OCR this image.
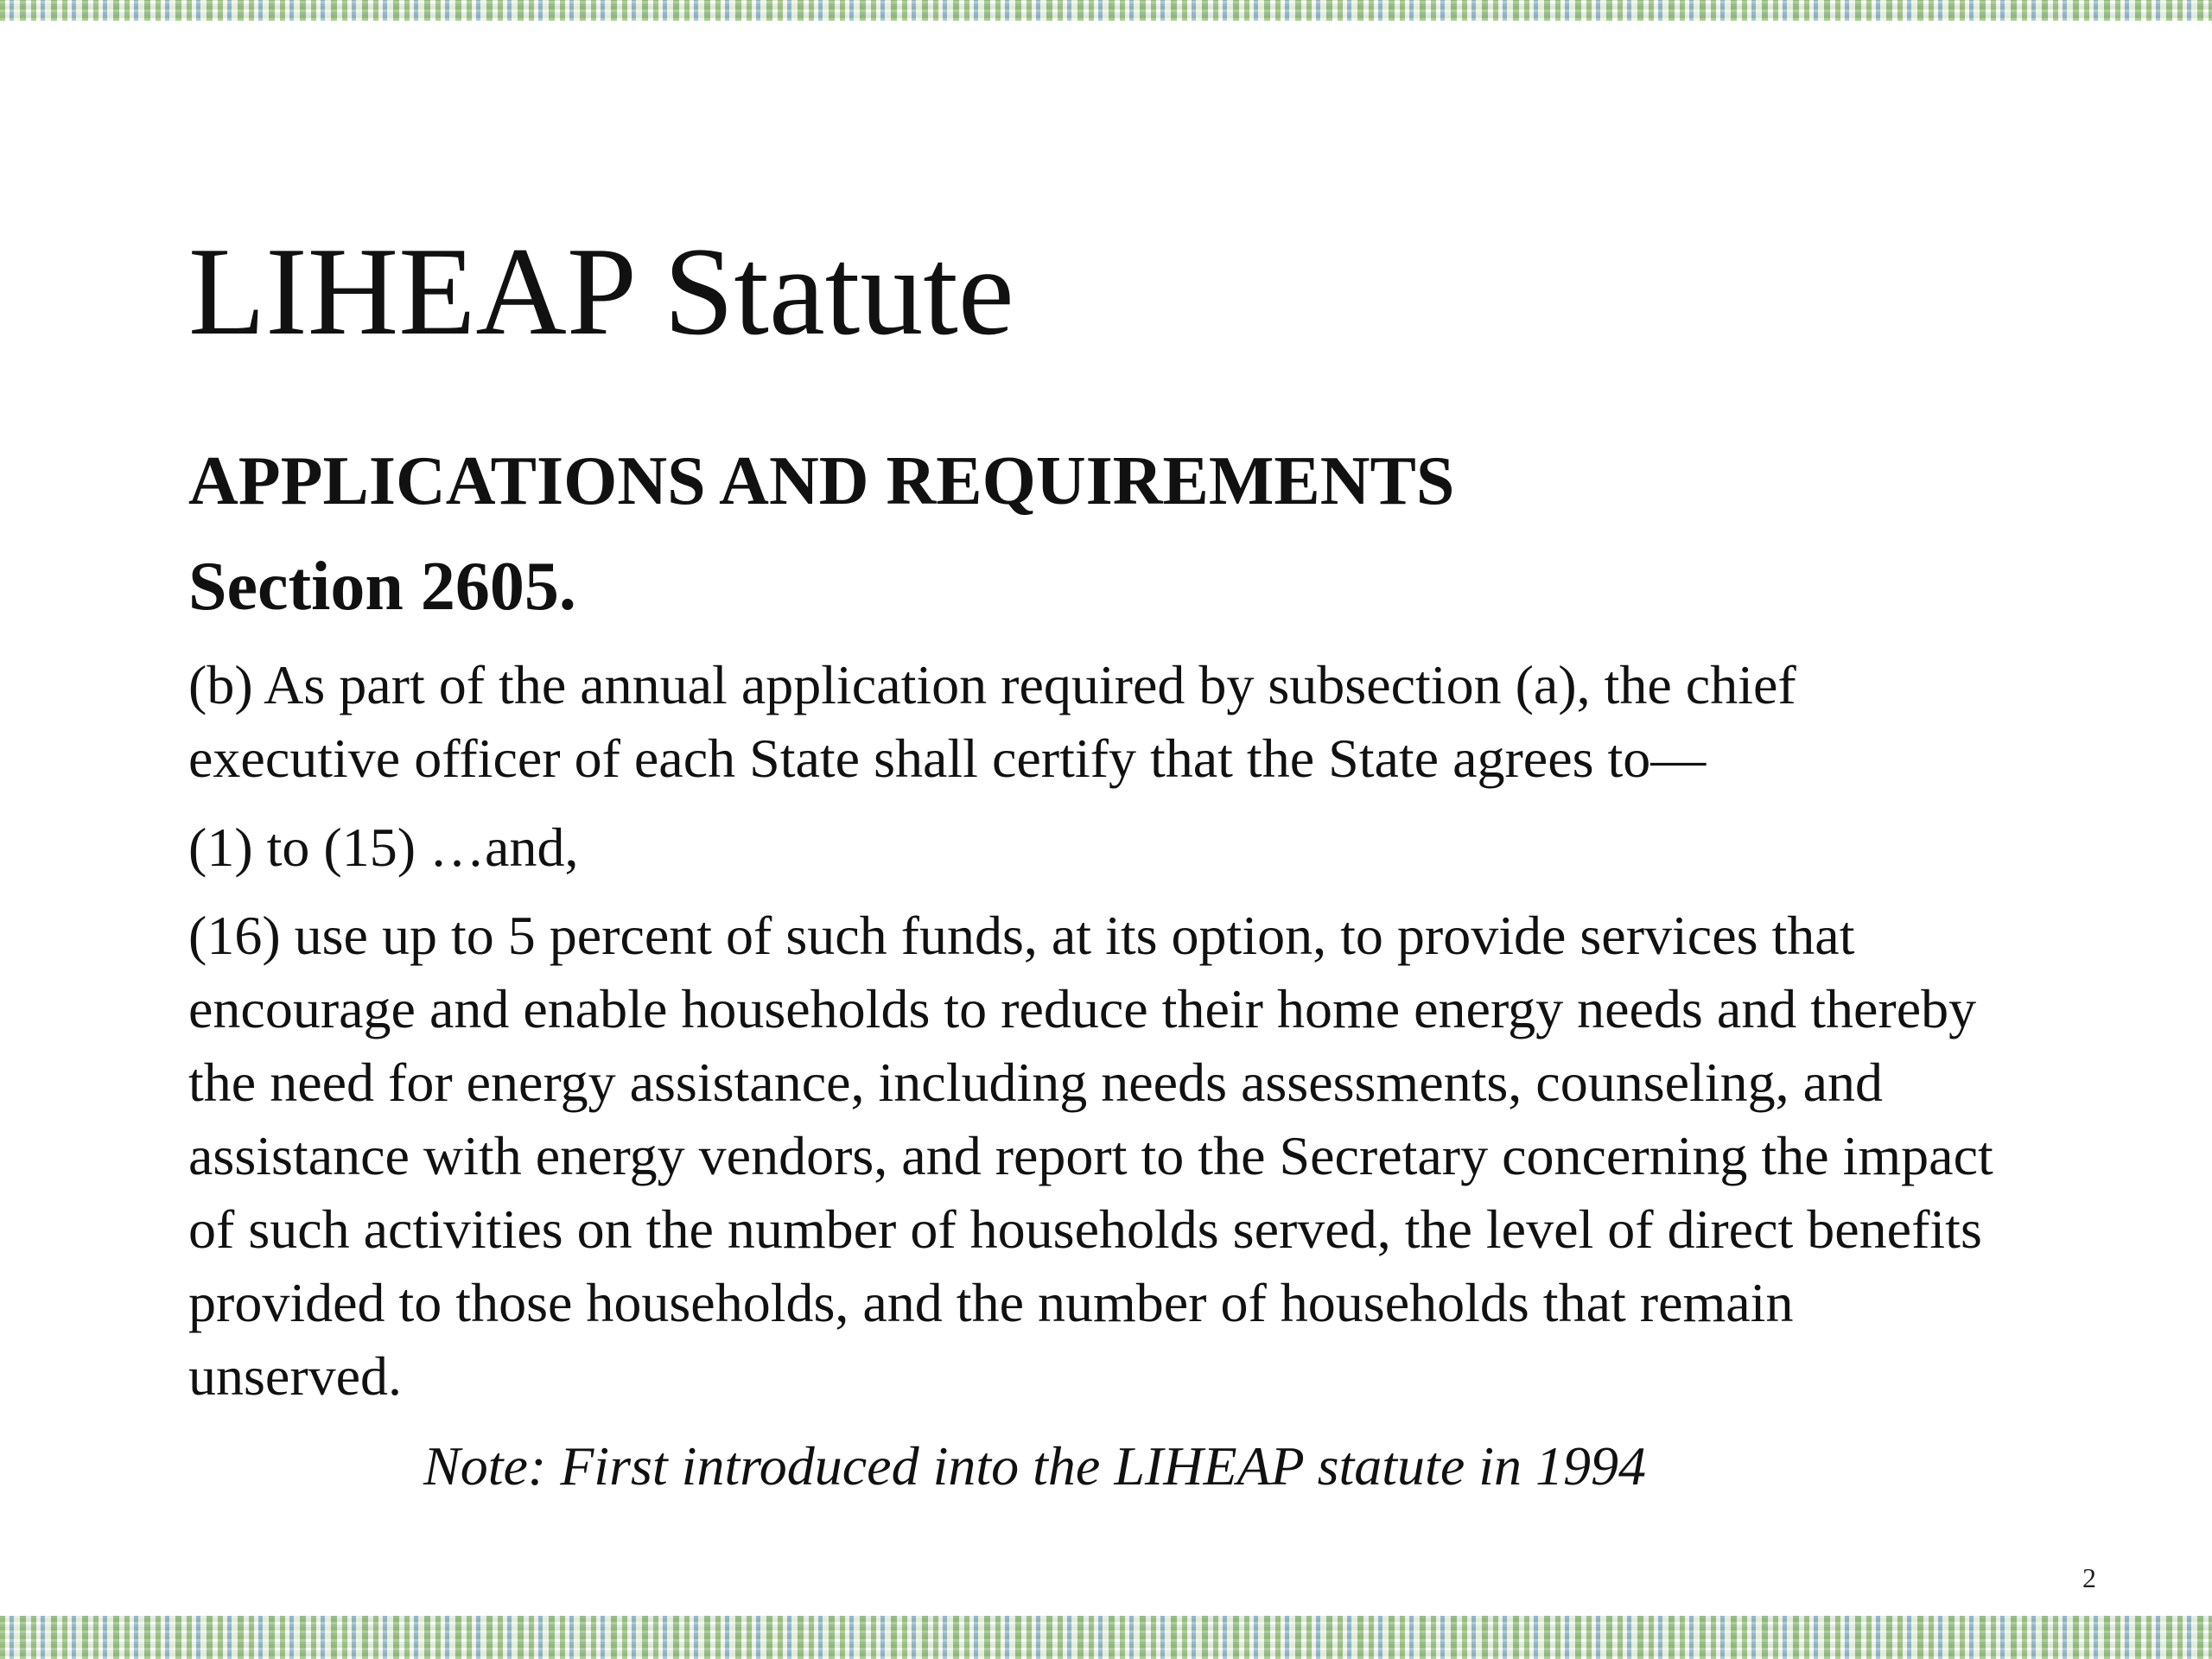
LIHEAP Statute
APPLICATIONS AND REQUIREMENTS
Section 2605.

(b) As part of the annual application required by subsection (a), the chief executive officer of each State shall certify that the State agrees to—

(1) to (15) …and,

(16) use up to 5 percent of such funds, at its option, to provide services that encourage and enable households to reduce their home energy needs and thereby the need for energy assistance, including needs assessments, counseling, and assistance with energy vendors, and report to the Secretary concerning the impact of such activities on the number of households served, the level of direct benefits provided to those households, and the number of households that remain unserved.

Note: First introduced into the LIHEAP statute in 1994

2
